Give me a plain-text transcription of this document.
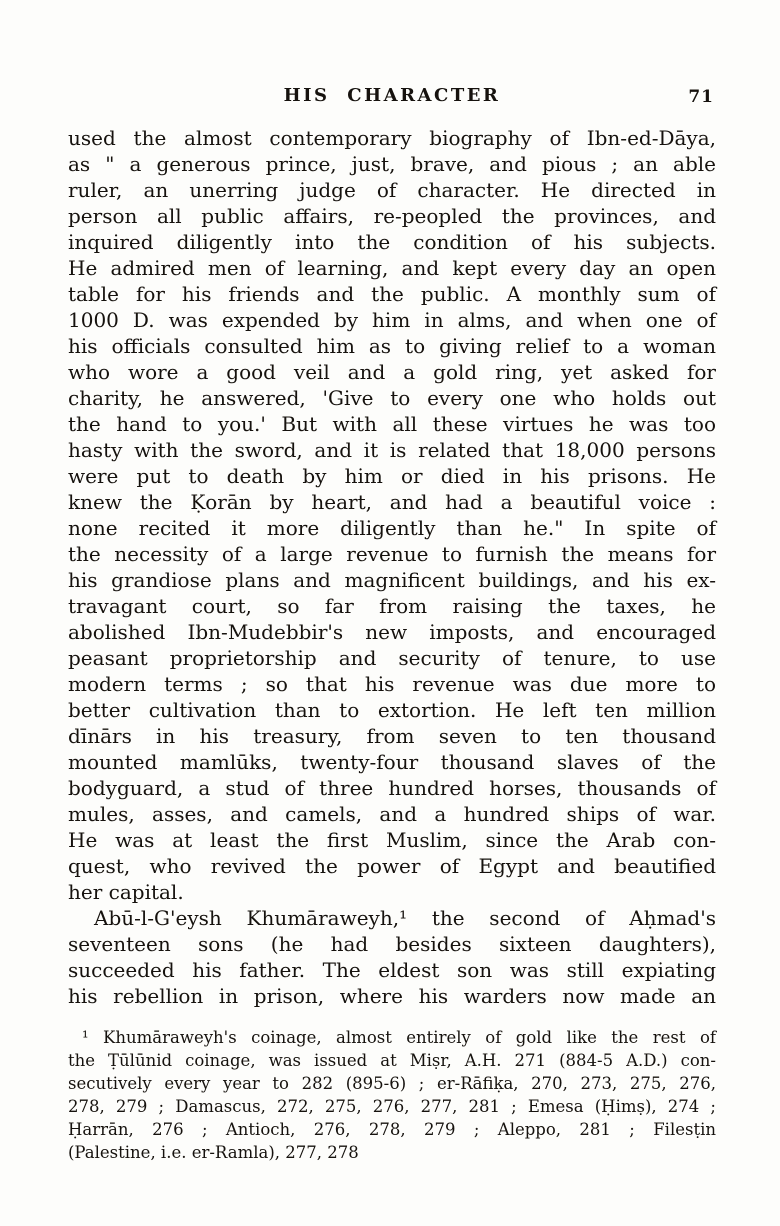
HIS CHARACTER	71
used the almost contemporary biography of Ibn-ed-Dāya,
as " a generous prince, just, brave, and pious ; an able
ruler, an unerring judge of character. He directed in
person all public affairs, re-peopled the provinces, and
inquired diligently into the condition of his subjects.
He admired men of learning, and kept every day an open
table for his friends and the public. A monthly sum of
1000 D. was expended by him in alms, and when one of
his officials consulted him as to giving relief to a woman
who wore a good veil and a gold ring, yet asked for
charity, he answered, 'Give to every one who holds out
the hand to you.' But with all these virtues he was too
hasty with the sword, and it is related that 18,000 persons
were put to death by him or died in his prisons. He
knew the Ḳorān by heart, and had a beautiful voice :
none recited it more diligently than he." In spite of
the necessity of a large revenue to furnish the means for
his grandiose plans and magnificent buildings, and his ex-
travagant court, so far from raising the taxes, he
abolished Ibn-Mudebbir's new imposts, and encouraged
peasant proprietorship and security of tenure, to use
modern terms ; so that his revenue was due more to
better cultivation than to extortion. He left ten million
dīnārs in his treasury, from seven to ten thousand
mounted mamlūks, twenty-four thousand slaves of the
bodyguard, a stud of three hundred horses, thousands of
mules, asses, and camels, and a hundred ships of war.
He was at least the first Muslim, since the Arab con-
quest, who revived the power of Egypt and beautified
her capital.
Abū-l-G'eysh Khumāraweyh,¹ the second of Aḥmad's
seventeen sons (he had besides sixteen daughters),
succeeded his father. The eldest son was still expiating
his rebellion in prison, where his warders now made an
¹ Khumāraweyh's coinage, almost entirely of gold like the rest of
the Ṭūlūnid coinage, was issued at Miṣr, A.H. 271 (884-5 A.D.) con-
secutively every year to 282 (895-6) ; er-Rāfiḳa, 270, 273, 275, 276,
278, 279 ; Damascus, 272, 275, 276, 277, 281 ; Emesa (Ḥimṣ), 274 ;
Ḥarrān, 276 ; Antioch, 276, 278, 279 ; Aleppo, 281 ; Filesṭin
(Palestine, i.e. er-Ramla), 277, 278
